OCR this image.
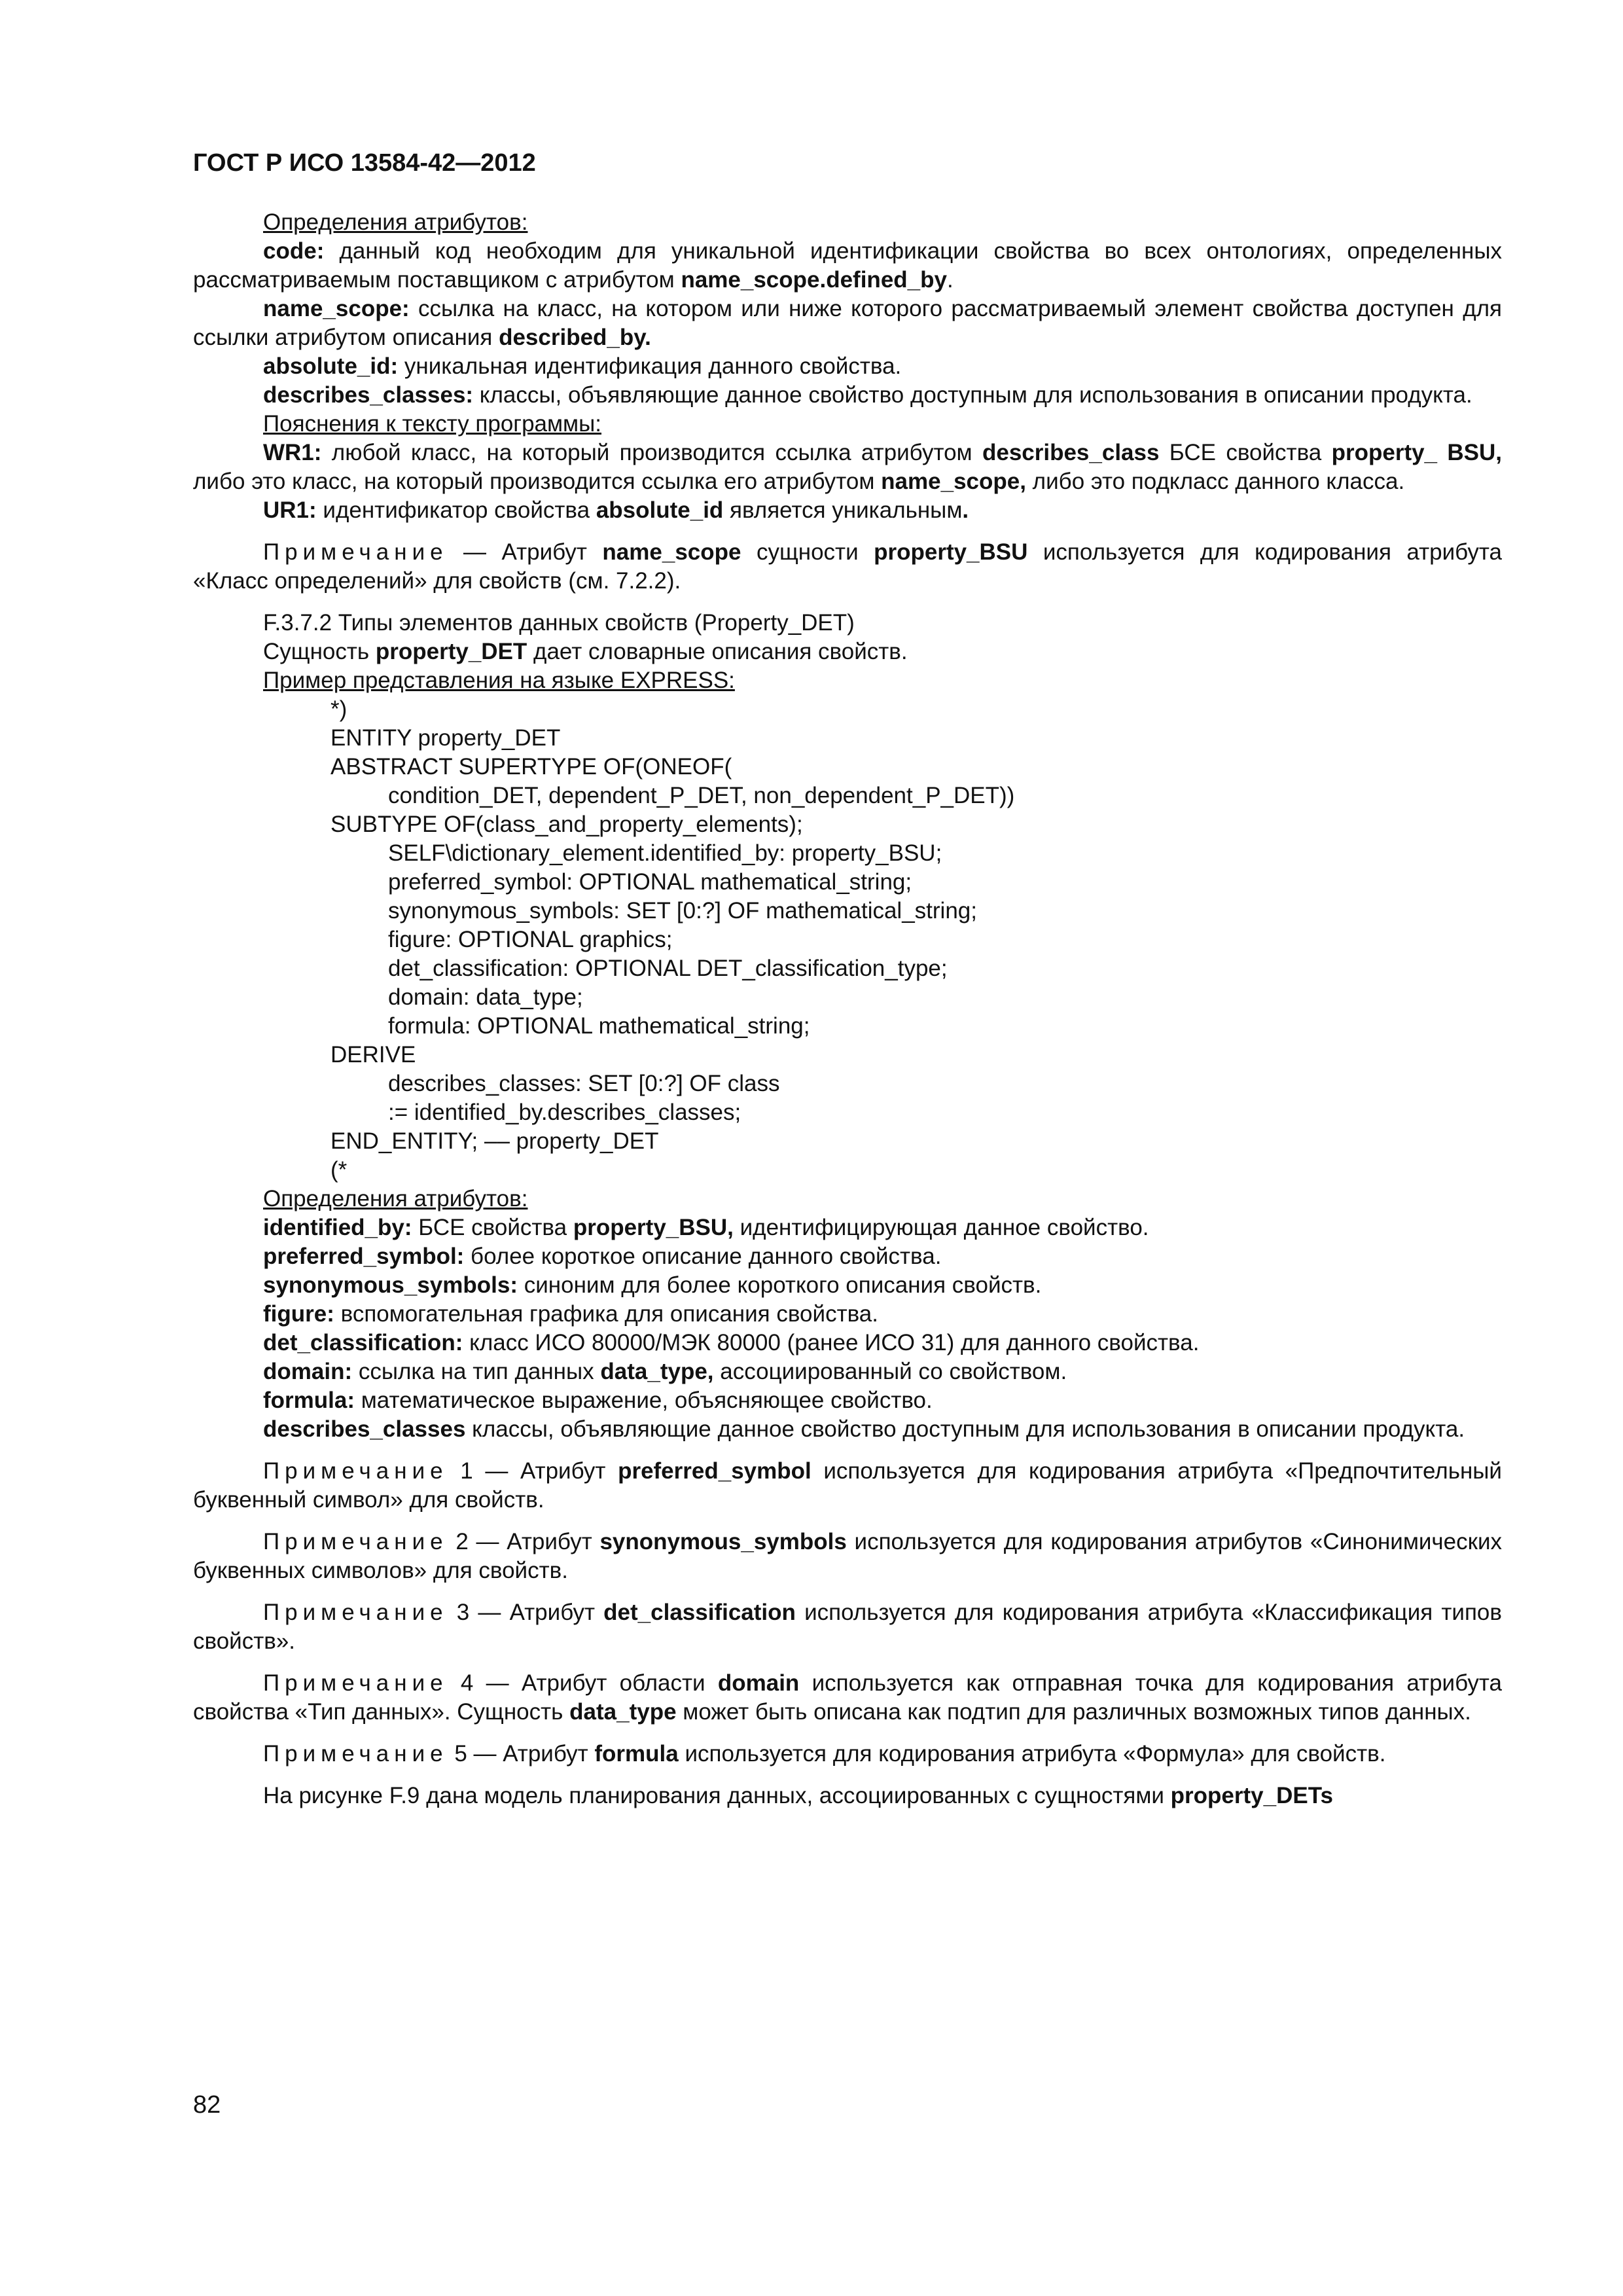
ГОСТ Р ИСО 13584-42—2012
Определения атрибутов:

code: данный код необходим для уникальной идентификации свойства во всех онтологиях, определенных рассматриваемым поставщиком с атрибутом name_scope.defined_by.

name_scope: ссылка на класс, на котором или ниже которого рассматриваемый элемент свойства доступен для ссылки атрибутом описания described_by.

absolute_id: уникальная идентификация данного свойства.

describes_classes: классы, объявляющие данное свойство доступным для использования в описании продукта.

Пояснения к тексту программы:

WR1: любой класс, на который производится ссылка атрибутом describes_class БСЕ свойства property_ BSU, либо это класс, на который производится ссылка его атрибутом name_scope, либо это подкласс данного класса.

UR1: идентификатор свойства absolute_id является уникальным.

Примечание — Атрибут name_scope сущности property_BSU используется для кодирования атрибута «Класс определений» для свойств (см. 7.2.2).

F.3.7.2 Типы элементов данных свойств (Property_DET)

Сущность property_DET дает словарные описания свойств.

Пример представления на языке EXPRESS:

*)

ENTITY property_DET

ABSTRACT SUPERTYPE OF(ONEOF(

condition_DET, dependent_P_DET, non_dependent_P_DET))

SUBTYPE OF(class_and_property_elements);

SELF\dictionary_element.identified_by: property_BSU;

preferred_symbol: OPTIONAL mathematical_string;

synonymous_symbols: SET [0:?] OF mathematical_string;

figure: OPTIONAL graphics;

det_classification: OPTIONAL DET_classification_type;

domain: data_type;

formula: OPTIONAL mathematical_string;

DERIVE

describes_classes: SET [0:?] OF class

:= identified_by.describes_classes;

END_ENTITY; –– property_DET

(*

Определения атрибутов:

identified_by: БСЕ свойства property_BSU, идентифицирующая данное свойство.

preferred_symbol: более короткое описание данного свойства.

synonymous_symbols: синоним для более короткого описания свойств.

figure: вспомогательная графика для описания свойства.

det_classification: класс ИСО 80000/МЭК 80000 (ранее ИСО 31) для данного свойства.

domain: ссылка на тип данных data_type, ассоциированный со свойством.

formula: математическое выражение, объясняющее свойство.

describes_classes классы, объявляющие данное свойство доступным для использования в описании продукта.

Примечание 1 — Атрибут preferred_symbol используется для кодирования атрибута «Предпочтительный буквенный символ» для свойств.

Примечание 2 — Атрибут synonymous_symbols используется для кодирования атрибутов «Синонимических буквенных символов» для свойств.

Примечание 3 — Атрибут det_classification используется для кодирования атрибута «Классификация типов свойств».

Примечание 4 — Атрибут области domain используется как отправная точка для кодирования атрибута свойства «Тип данных». Сущность data_type может быть описана как подтип для различных возможных типов данных.

Примечание 5 — Атрибут formula используется для кодирования атрибута «Формула» для свойств.

На рисунке F.9 дана модель планирования данных, ассоциированных с сущностями property_DETs

82
